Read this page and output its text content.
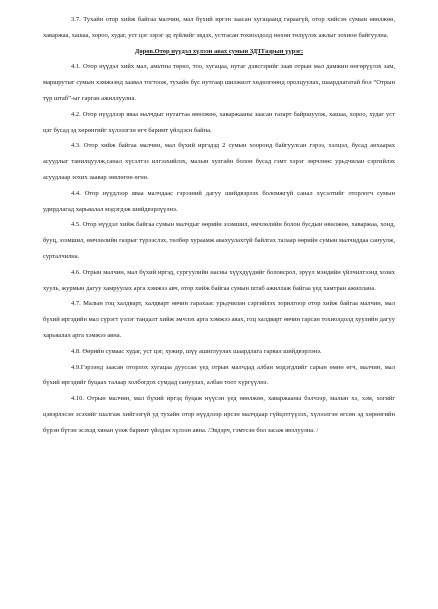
3.7. Тухайн отор хийж байгаа малчин, мал бүхий иргэн заасан хугацаанд гараагүй, отор хийсэн сумын өвөлжөө, хаваржаа, хашаа, хороо, худаг, уст цэг зэрэг эд зүйлийг эвдэх, устгасан тохиолдолд нөхөн төлүүлэх ажлыг зохион байгуулна.

Дөрөв.Отор нүүдэл хүлээн авах сумын ЗДТГазрын үүрэг:

4.1. Отор нүүдэл хийх мал, амьтны төрөл, тоо, хугацаа, нутаг дэвсгэрийг заав отрын мал дамжин өнгөрүүлэх зам, маршрутыг сумын хэмжээнд заавал тогтоож, тухайн бүс нутгаар шилжилт хөдөлгөөнд оролцуулах, шаардлагатай бол “Отрын түр штаб”-ыг гарган ажиллуулна.

4.2. Отор нүүдлээр яваа малчдыг нутагтаа өвөлжөө, хаваржааны заасан газарт байршуулж, хашаа, хороо, худаг уст цэг бусад эд хөрөнгийг хүлээлгэн өгч баримт үйлдэсн байна.

4.3. Отор хийж байгаа малчин, мал бүхий иргэдэд 2 сумын хооронд байгуулсан гэрээ, хэлцэл, бусад анхаарах асуудлыг танилцуулж,санал хүсэлтэз илгээхийлэх, малын хулгайн болон бусад гэмт хэрэг зөрчлөөс урьдчилан сэргийлэх асуудлаар зохих заавар зөвлөгөө өгнө.

4.4. Отор нүүдлээр яваа малчдаас гэрээний дагуу шийдвэрлэх боломжгүй санал хүсэлтийг оторлогч сумын удирдлагад харьяалал мэдэгдэж шийдвэрлүүлнэ.

4.5. Отор нүүдэл хийж байгаа сумын малчдыг өөрийн эзэмшил, өмчлөлийн болон бусдын өвөлжөө, хаваржаа, хонд, бууц, эзэмшил, өмчлөлийн газрыг түрээслэх, төлбөр хураамж авахуулахгүй байлгах талаар өөрийн сумын малчиддаа сануулж, сурталчилна.

4.6. Отрын малчин, мал бүхий иргэд, сургуулийн насны хүүхдүүдийг боловсрол, эрүүл мэндийн үйлчилгээнд хозих хууль, журмын дагуу хамруулах арга хэмжээ авч, отор хийж байгаа сумын штаб ажиллаж байгаа үед хамтран ажиллана.

4.7. Малын гоц халдварт, халдварт өвчин гарахаас урьдчилан сэргийлэх зорилгоор отор хийж байгаа малчин, мал бүхий иргэдийн мал сүрэгт үзлэг тандалт хийж эмчлэх арга хэмжээ авах, гоц халдварт өвчин гарсан тохиолдолд хуулийн дагуу харьяалал арга хэмжээ авна.

4.8. Өөрийн сумаас худаг, уст цэг, хужир, шүү ашиглуулах шаардлага гарвал шийдвэрлэнэ.

4.9.Гэрээнд заасан оторлох хугацаа дууссан үед отрын малчдад албан мэдэгдлийг сарын өмнө өгч, малчин, мал бүхий иргэдийг буцаах талаар холбогдох сумдад сануулах, албан тоот хүргүүлнэ.

4.10. Отрын малчин, мал бүхий иргэд буцаж нүүсэн үед өвөлжөө, хаваржааны бэлчээр, малын хэ, хэм, хогийг цэвэрлэсэн эсэхийг шалгаж хийгээгүй уд тухайн отор нүүдлээр ирсэн малчдаар гүйцэтгүүлэх, хүлээлгэн өгсөн эд хөрөнгийн бүрэн бүтэн эсэхэд хянан үзэж баримт үйлдэн хүлээн авна. /Эвдэрч, гэмтсэн бол засаж янзлуулна. /
